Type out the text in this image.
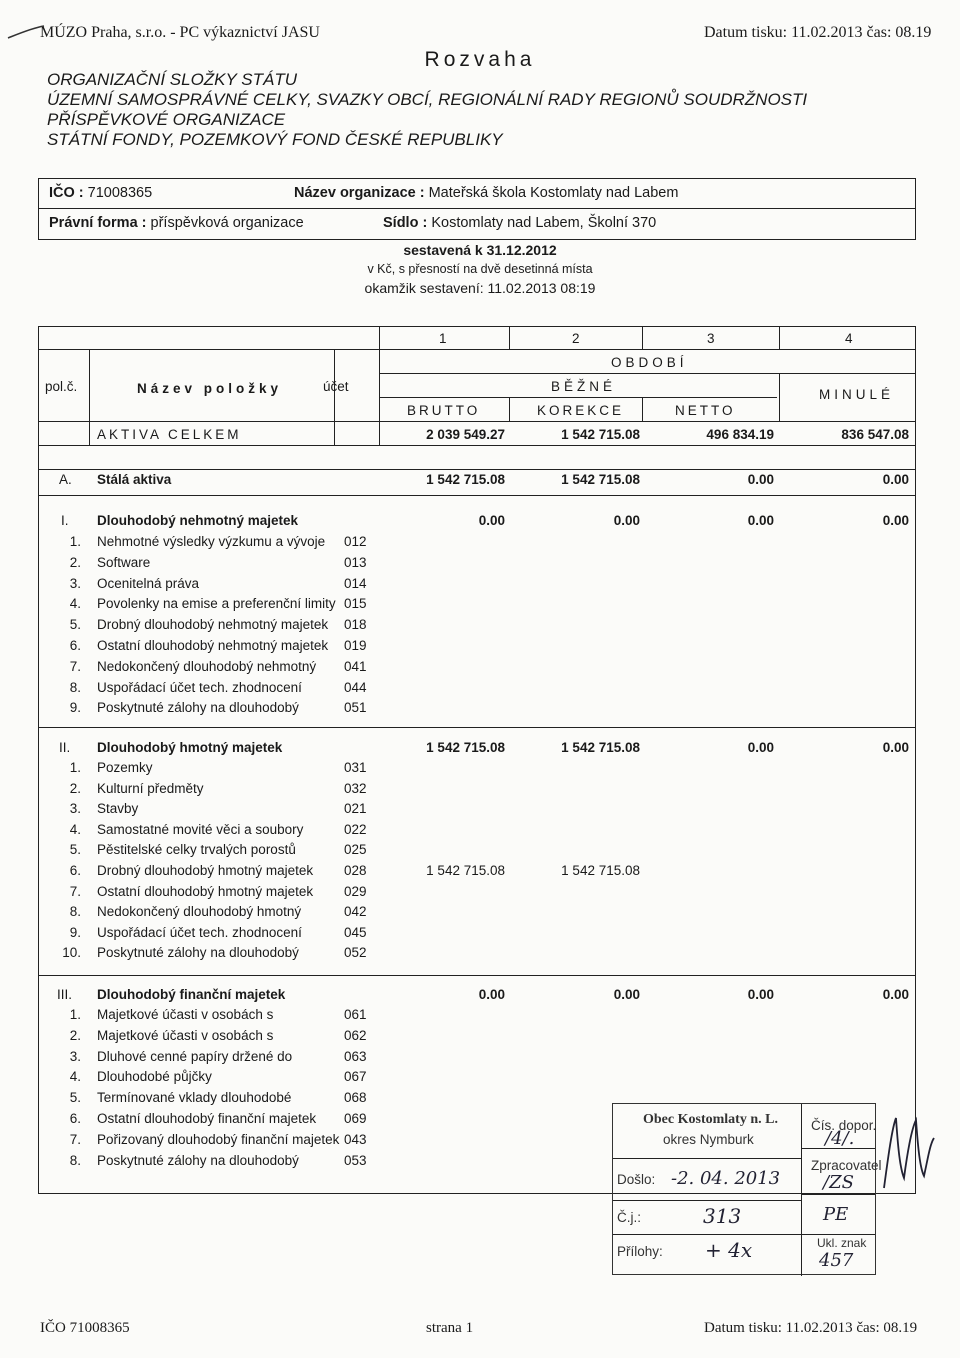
MÚZO Praha, s.r.o. - PC výkaznictví JASU	Datum tisku: 11.02.2013 čas: 08.19
Rozvaha
ORGANIZAČNÍ SLOŽKY STÁTU
ÚZEMNÍ SAMOSPRÁVNÉ CELKY, SVAZKY OBCÍ, REGIONÁLNÍ RADY REGIONŮ SOUDRŽNOSTI
PŘÍSPĚVKOVÉ ORGANIZACE
STÁTNÍ FONDY, POZEMKOVÝ FOND ČESKÉ REPUBLIKY
IČO : 71008365	Název organizace : Mateřská škola Kostomlaty nad Labem
Právní forma : příspěvková organizace	Sídlo : Kostomlaty nad Labem, Školní 370
sestavená k 31.12.2012
v Kč, s přesností na dvě desetinná místa
okamžik sestavení: 11.02.2013 08:19
1	2	3	4
OBDOBÍ
BĚŽNÉ
MINULÉ
BRUTTO	KOREKCE	NETTO
pol.č.	Název položky	účet
AKTIVA CELKEM	2 039 549.27	1 542 715.08	496 834.19	836 547.08
A. Stálá aktiva	1 542 715.08	1 542 715.08	0.00	0.00
I. Dlouhodobý nehmotný majetek	0.00	0.00	0.00	0.00
1. Nehmotné výsledky výzkumu a vývoje 012
2. Software	013
3. Ocenitelná práva	014
4. Povolenky na emise a preferenční limity 015
5. Drobný dlouhodobý nehmotný majetek 018
6. Ostatní dlouhodobý nehmotný majetek 019
7. Nedokončený dlouhodobý nehmotný 041
8. Uspořádací účet tech. zhodnocení	044
9. Poskytnuté zálohy na dlouhodobý	051
II. Dlouhodobý hmotný majetek	1 542 715.08	1 542 715.08	0.00	0.00
1. Pozemky	031
2. Kulturní předměty	032
3. Stavby	021
4. Samostatné movité věci a soubory	022
5. Pěstitelské celky trvalých porostů	025
6. Drobný dlouhodobý hmotný majetek 028	1 542 715.08	1 542 715.08
7. Ostatní dlouhodobý hmotný majetek 029
8. Nedokončený dlouhodobý hmotný	042
9. Uspořádací účet tech. zhodnocení	045
10. Poskytnuté zálohy na dlouhodobý	052
III. Dlouhodobý finanční majetek	0.00	0.00	0.00	0.00
1. Majetkové účasti v osobách s	061
2. Majetkové účasti v osobách s	062
3. Dluhové cenné papíry držené do	063
4. Dlouhodobé půjčky	067
5. Termínované vklady dlouhodobé	068
6. Ostatní dlouhodobý finanční majetek 069
7. Pořizovaný dlouhodobý finanční majetek 043
8. Poskytnuté zálohy na dlouhodobý	053
Obec Kostomlaty n. L.
okres Nymburk
Došlo: -2. 04. 2013
Č.j.:	313
Přílohy: + 4x
Čís. dopor.
/4/.
Zpracovatel
/ZS
PE
Ukl. znak
457
IČO 71008365	strana 1	Datum tisku: 11.02.2013 čas: 08.19
